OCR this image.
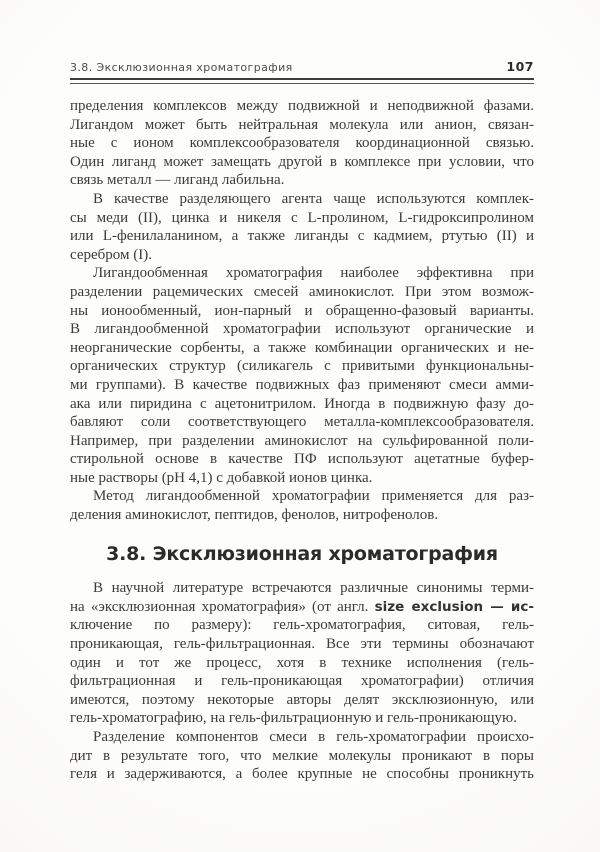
3.8. Эксклюзионная хроматография	107
пределения комплексов между подвижной и неподвижной фазами.
Лигандом может быть нейтральная молекула или анион, связан-
ные с ионом комплексообразователя координационной связью.
Один лиганд может замещать другой в комплексе при условии, что
связь металл — лиганд лабильна.
В качестве разделяющего агента чаще используются комплек-
сы меди (II), цинка и никеля с L-пролином, L-гидроксипролином
или L-фенилаланином, а также лиганды с кадмием, ртутью (II) и
серебром (I).
Лигандообменная хроматография наиболее эффективна при
разделении рацемических смесей аминокислот. При этом возмож-
ны ионообменный, ион-парный и обращенно-фазовый варианты.
В лигандообменной хроматографии используют органические и
неорганические сорбенты, а также комбинации органических и не-
органических структур (силикагель с привитыми функциональны-
ми группами). В качестве подвижных фаз применяют смеси амми-
ака или пиридина с ацетонитрилом. Иногда в подвижную фазу до-
бавляют соли соответствующего металла-комплексообразователя.
Например, при разделении аминокислот на сульфированной поли-
стирольной основе в качестве ПФ используют ацетатные буфер-
ные растворы (рН 4,1) с добавкой ионов цинка.
Метод лигандообменной хроматографии применяется для раз-
деления аминокислот, пептидов, фенолов, нитрофенолов.
3.8. Эксклюзионная хроматография
В научной литературе встречаются различные синонимы терми-
на «эксклюзионная хроматография» (от англ. size exclusion — ис-
ключение по размеру): гель-хроматография, ситовая, гель-
проникающая, гель-фильтрационная. Все эти термины обозначают
один и тот же процесс, хотя в технике исполнения (гель-
фильтрационная и гель-проникающая хроматографии) отличия
имеются, поэтому некоторые авторы делят эксклюзионную, или
гель-хроматографию, на гель-фильтрационную и гель-проникающую.
Разделение компонентов смеси в гель-хроматографии происхо-
дит в результате того, что мелкие молекулы проникают в поры
геля и задерживаются, а более крупные не способны проникнуть
